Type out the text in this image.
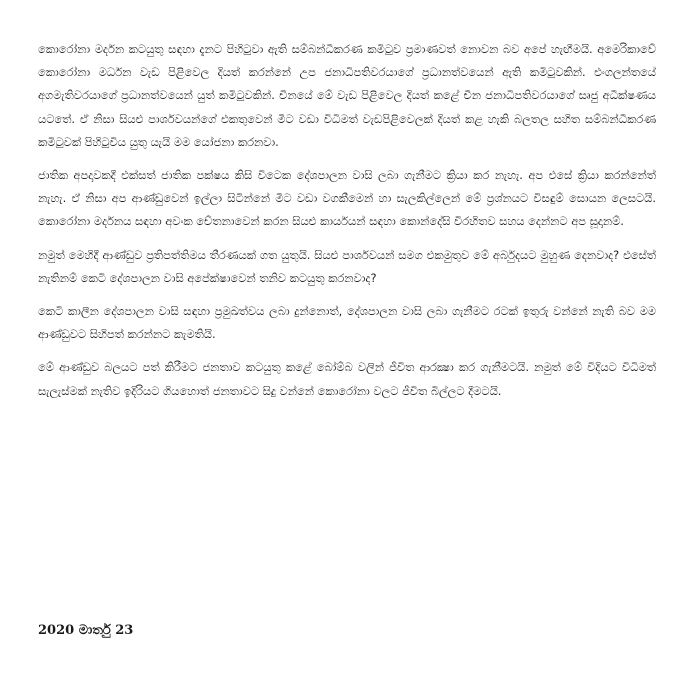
කොරෝනා මර්දන කටයුතු සඳහා දැනට පිහිටුවා ඇති සම්බන්ධීකරණ කමිටුව ප්‍රමාණවත් නොවන බව අපේ හැඟීමයි. අමෙරිකාවේ කොරෝනා මර්ධන වැඩ පිළිවෙල දියත් කරන්නේ උප ජනාධිපතිවරයාගේ ප්‍රධානත්වයෙන් ඇති කමිටුවකින්. එංගලන්තයේ අගමැතිවරයාගේ ප්‍රධානත්වයෙන් යුත් කමිටුවකින්. චීනයේ මේ වැඩ පිළිවෙල දියත් කළේ චීන ජනාධිපතිවරයාගේ සෘජු අධීක්ෂණය යටතේ. ඒ නිසා සියළු පාර්ශවයන්ගේ එකතුවෙන් මීට වඩා විධිමත් වැඩපිළිවෙලක් දියත් කළ හැකි බලතල සහිත සම්බන්ධීකරණ කමිටුවක් පිහිටුවිය යුතු යැයි මම යෝජනා කරනවා.

ජාතික අපදාවකදී එක්සත් ජාතික පක්ෂය කිසි විටෙක දේශපාලන වාසි ලබා ගැනීමට ක්‍රියා කර නැහැ. අප එසේ ක්‍රියා කරන්නේත් නැහැ. ඒ නිසා අප ආණ්ඩුවෙන් ඉල්ලා සිටින්නේ මීට වඩා වගකීමෙන් හා සැලකිල්ලෙන් මේ ප්‍රශ්නයට විසඳුම් සොයන ලෙසටයි. කොරෝනා මර්දනය සඳහා අවංක චේතනාවෙන් කරන සියළු කාර්යයන් සඳහා කොන්දේසි විරහිතව සහය දෙන්නට අප සූදානම්.

නමුත් මෙහිදී ආණ්ඩුව ප්‍රතිපත්තිමය තීරණයක් ගත යුතුයි. සියළු පාර්ශවයන් සමග එකමුතුව මේ අර්බුදයට මුහුණ දෙනවාද? එසේත් නැතිනම් කෙටි දේශපාලන වාසි අපේක්ෂාවෙන් තනිව කටයුතු කරනවාද?

කෙටි කාලීන දේශපාලන වාසි සඳහා ප්‍රමුඛත්වය ලබා දුන්නොත්, දේශපාලන වාසි ලබා ගැනීමට රටක් ඉතුරු වන්නේ නැති බව මම ආණ්ඩුවට සිහිපත් කරන්නට කැමතියි.

මේ ආණ්ඩුව බලයට පත් කිරීමට ජනතාව කටයුතු කළේ බෝම්බ වලින් ජීවිත ආරක්‍ෂා කර ගැනීමටයි. නමුත් මේ විදියට විධිමත් සැලැස්මක් නැතිව ඉදිරියට ගියහොත් ජනතාවට සිදු වන්නේ කොරෝනා වලට ජීවිත බිල්ලට දීමටයි.

2020 මාර්තු 23
